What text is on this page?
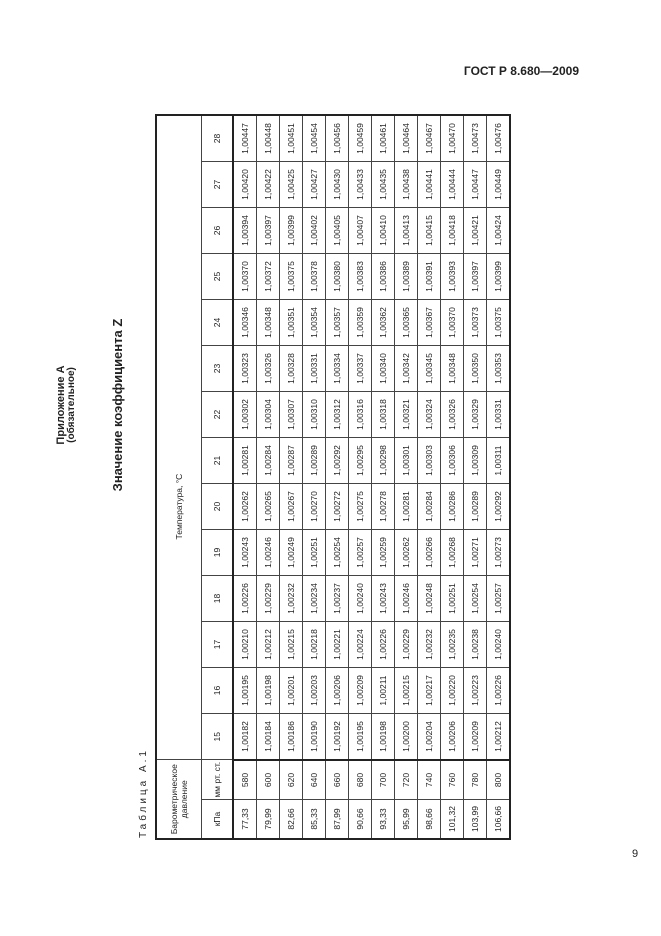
ГОСТ Р 8.680—2009
Приложение А (обязательное)	Значение коэффициента Z
Таблица А.1 Барометрическое давление		Температура, °С													
кПа	мм рт. ст.	15	16	17	18	19	20	21	22	23	24	25	26	27	28
77,33	580	1,00182	1,00195	1,00210	1,00226	1,00243	1,00262	1,00281	1,00302	1,00323	1,00346	1,00370	1,00394	1,00420	1,00447
79,99	600	1,00184	1,00198	1,00212	1,00229	1,00246	1,00265	1,00284	1,00304	1,00326	1,00348	1,00372	1,00397	1,00422	1,00448
82,66	620	1,00186	1,00201	1,00215	1,00232	1,00249	1,00267	1,00287	1,00307	1,00328	1,00351	1,00375	1,00399	1,00425	1,00451
85,33	640	1,00190	1,00203	1,00218	1,00234	1,00251	1,00270	1,00289	1,00310	1,00331	1,00354	1,00378	1,00402	1,00427	1,00454
87,99	660	1,00192	1,00206	1,00221	1,00237	1,00254	1,00272	1,00292	1,00312	1,00334	1,00357	1,00380	1,00405	1,00430	1,00456
90,66	680	1,00195	1,00209	1,00224	1,00240	1,00257	1,00275	1,00295	1,00316	1,00337	1,00359	1,00383	1,00407	1,00433	1,00459
93,33	700	1,00198	1,00211	1,00226	1,00243	1,00259	1,00278	1,00298	1,00318	1,00340	1,00362	1,00386	1,00410	1,00435	1,00461
95,99	720	1,00200	1,00215	1,00229	1,00246	1,00262	1,00281	1,00301	1,00321	1,00342	1,00365	1,00389	1,00413	1,00438	1,00464
98,66	740	1,00204	1,00217	1,00232	1,00248	1,00266	1,00284	1,00303	1,00324	1,00345	1,00367	1,00391	1,00415	1,00441	1,00467
101,32	760	1,00206	1,00220	1,00235	1,00251	1,00268	1,00286	1,00306	1,00326	1,00348	1,00370	1,00393	1,00418	1,00444	1,00470
103,99	780	1,00209	1,00223	1,00238	1,00254	1,00271	1,00289	1,00309	1,00329	1,00350	1,00373	1,00397	1,00421	1,00447	1,00473
106,66	800	1,00212	1,00226	1,00240	1,00257	1,00273	1,00292	1,00311	1,00331	1,00353	1,00375	1,00399	1,00424	1,00449	1,00476
9
